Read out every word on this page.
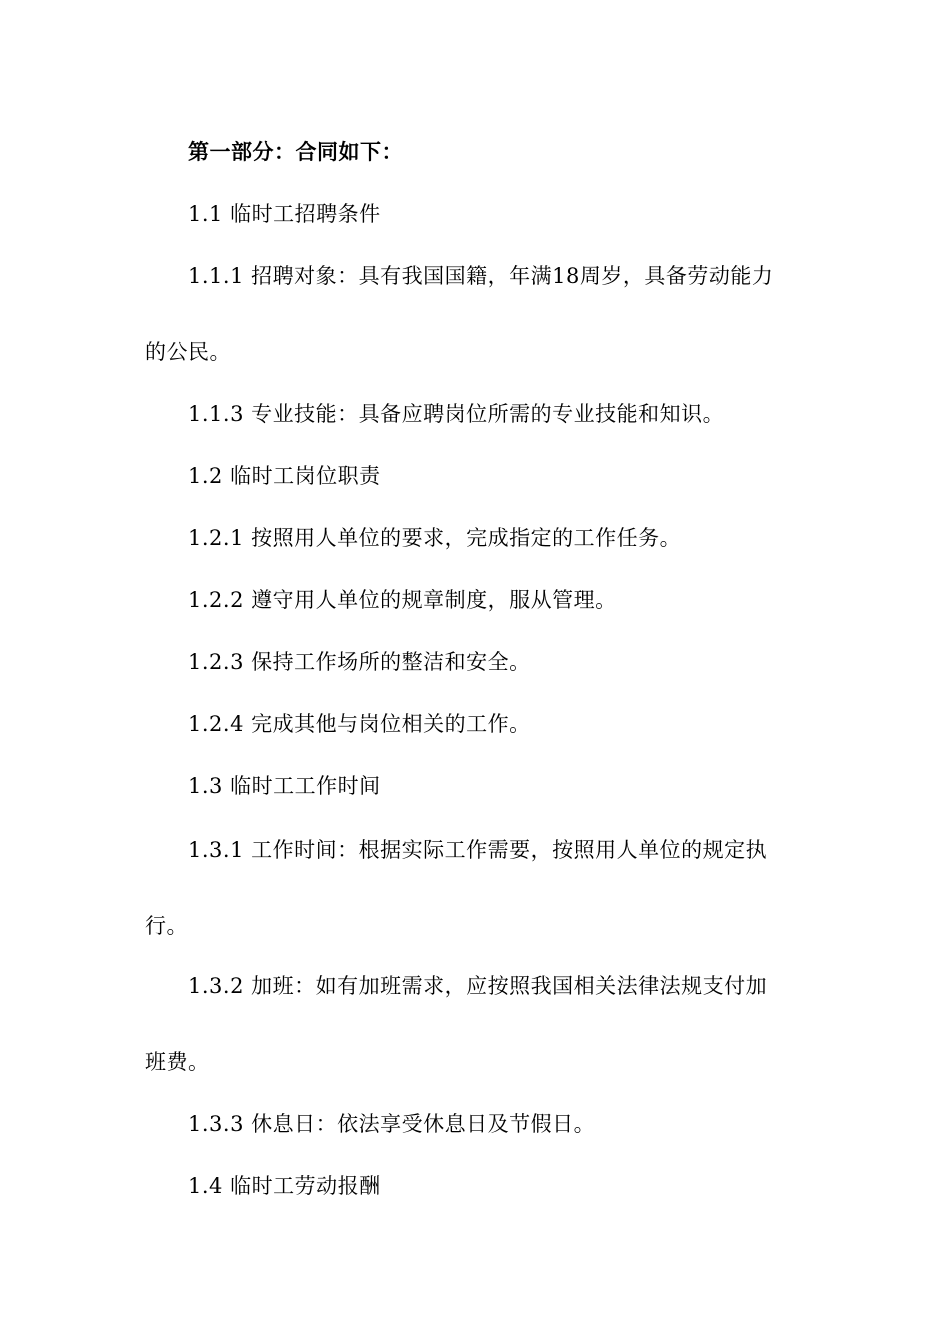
第一部分：合同如下：
1.1 临时工招聘条件
1.1.1 招聘对象：具有我国国籍，年满18周岁，具备劳动能力
的公民。
1.1.3 专业技能：具备应聘岗位所需的专业技能和知识。
1.2 临时工岗位职责
1.2.1 按照用人单位的要求，完成指定的工作任务。
1.2.2 遵守用人单位的规章制度，服从管理。
1.2.3 保持工作场所的整洁和安全。
1.2.4 完成其他与岗位相关的工作。
1.3 临时工工作时间
1.3.1 工作时间：根据实际工作需要，按照用人单位的规定执
行。
1.3.2 加班：如有加班需求，应按照我国相关法律法规支付加
班费。
1.3.3 休息日：依法享受休息日及节假日。
1.4 临时工劳动报酬
